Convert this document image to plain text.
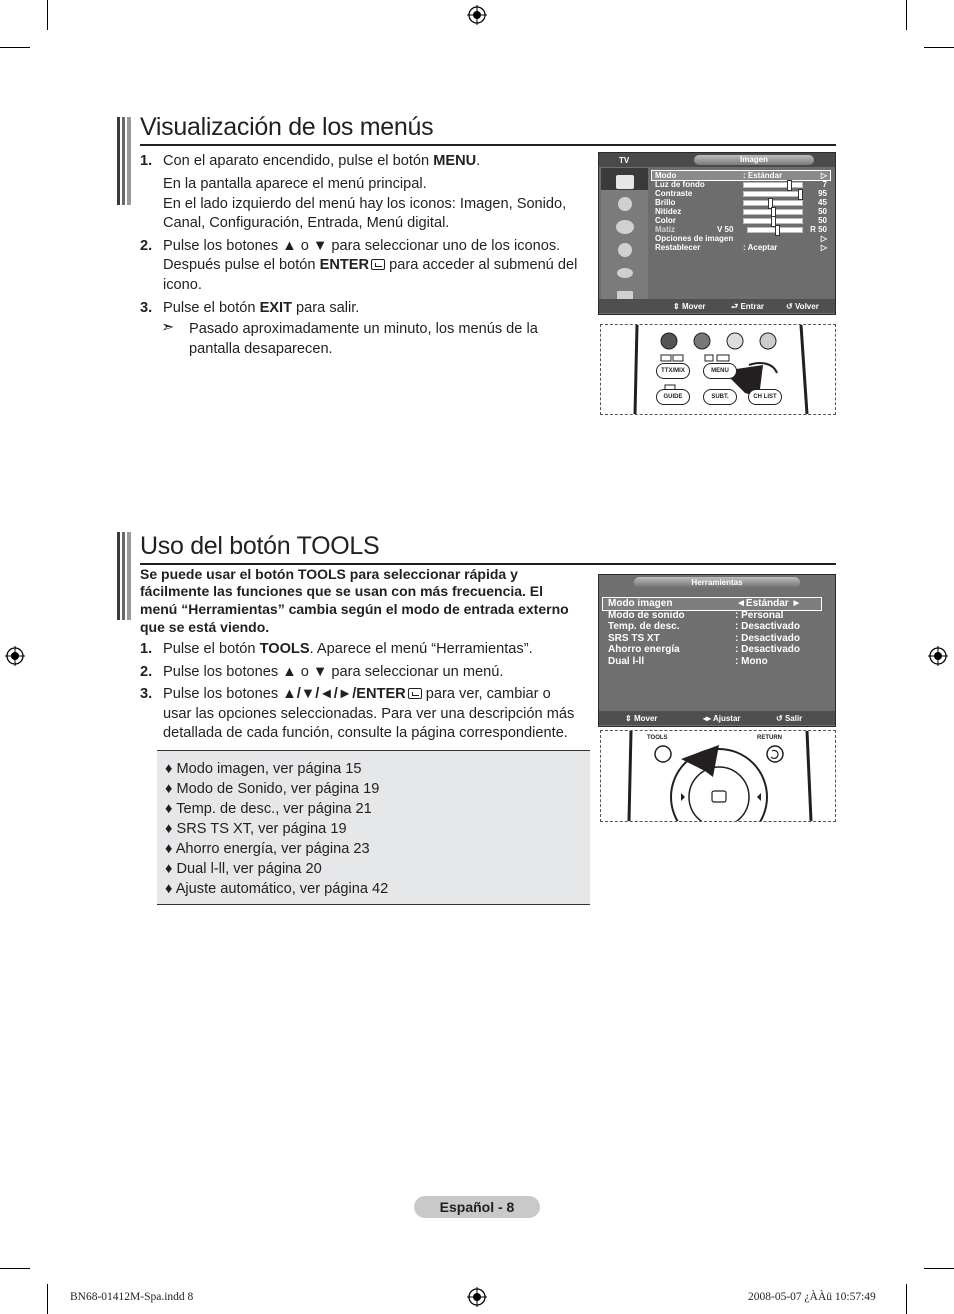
Visualización de los menús
1. Con el aparato encendido, pulse el botón MENU.
En la pantalla aparece el menú principal.
En el lado izquierdo del menú hay los iconos: Imagen, Sonido,
Canal, Configuración, Entrada, Menú digital.
2. Pulse los botones ▲ o ▼ para seleccionar uno de los iconos.
Después pulse el botón ENTER para acceder al submenú del
icono.
3. Pulse el botón EXIT para salir.
➣ Pasado aproximadamente un minuto, los menús de la
pantalla desaparecen.
TV	Imagen
Modo	: Estándar	▷
Luz de fondo	7
Contraste	95
Brillo	45
Nitidez	50
Color	50
Matiz	V 50	R 50
Opciones de imagen	▷
Restablecer	: Aceptar	▷
⇕ Mover	⮐ Entrar	↺ Volver
TTX/MIX	MENU
GUIDE	SUBT.	CH LIST
Uso del botón TOOLS
Se puede usar el botón TOOLS para seleccionar rápida y
fácilmente las funciones que se usan con más frecuencia. El
menú “Herramientas” cambia según el modo de entrada externo
que se está viendo.
1. Pulse el botón TOOLS. Aparece el menú “Herramientas”.
2. Pulse los botones ▲ o ▼ para seleccionar un menú.
3. Pulse los botones ▲/▼/◄/►/ENTER para ver, cambiar o
usar las opciones seleccionadas. Para ver una descripción más
detallada de cada función, consulte la página correspondiente.
♦ Modo imagen, ver página 15
♦ Modo de Sonido, ver página 19
♦ Temp. de desc., ver página 21
♦ SRS TS XT, ver página 19
♦ Ahorro energía, ver página 23
♦ Dual l-ll, ver página 20
♦ Ajuste automático, ver página 42
Herramientas
Modo imagen	◄Estándar ►
Modo de sonido	: Personal
Temp. de desc.	: Desactivado
SRS TS XT	: Desactivado
Ahorro energía	: Desactivado
Dual l-ll	: Mono
⇕ Mover	◂▸ Ajustar	↺ Salir
TOOLS	RETURN
Español - 8
BN68-01412M-Spa.indd 8	2008-05-07 ¿ÀÀü 10:57:49
